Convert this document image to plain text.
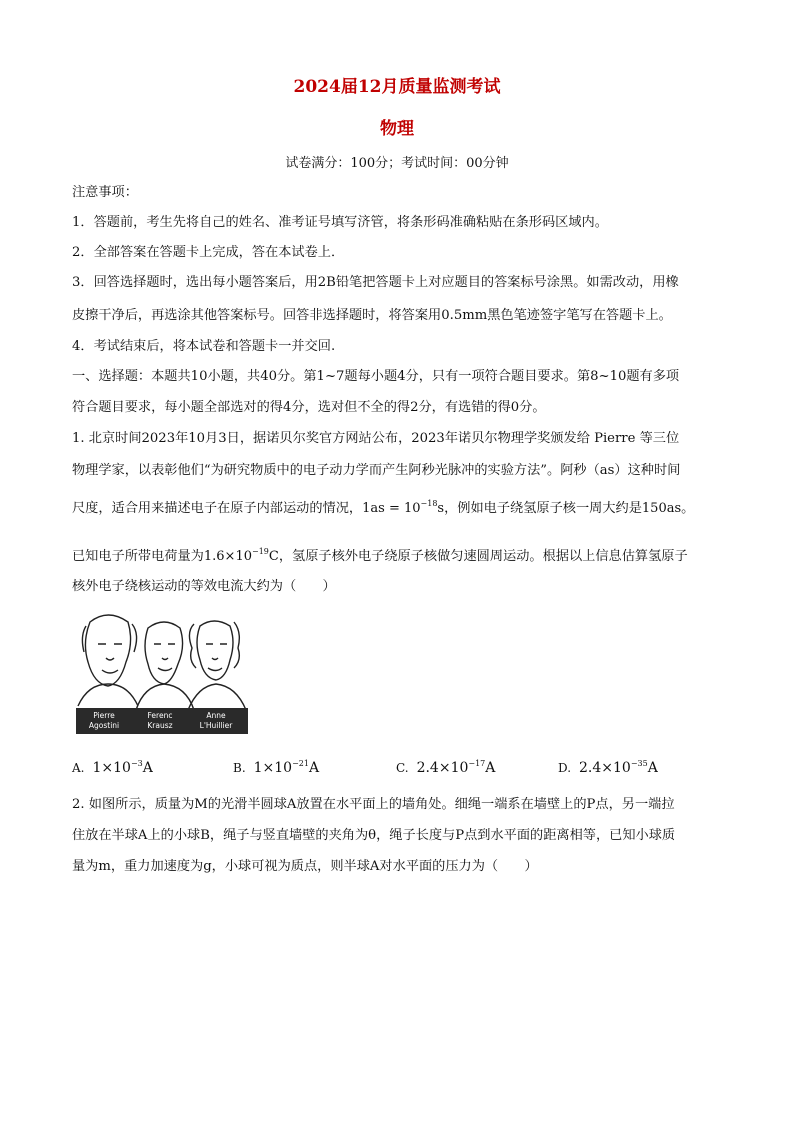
2024届12月质量监测考试
物理
试卷满分：100分；考试时间：00分钟
注意事项：
1．答题前，考生先将自己的姓名、准考证号填写济管，将条形码准确粘贴在条形码区域内。
2．全部答案在答题卡上完成，答在本试卷上．
3．回答选择题时，选出每小题答案后，用2B铅笔把答题卡上对应题目的答案标号涂黑。如需改动，用橡
皮擦干净后，再选涂其他答案标号。回答非选择题时，将答案用0.5mm黑色笔迹签字笔写在答题卡上。
4．考试结束后，将本试卷和答题卡一并交回.
一、选择题：本题共10小题，共40分。第1~7题每小题4分，只有一项符合题目要求。第8~10题有多项
符合题目要求，每小题全部选对的得4分，选对但不全的得2分，有选错的得0分。
1. 北京时间2023年10月3日，据诺贝尔奖官方网站公布，2023年诺贝尔物理学奖颁发给 Pierre 等三位
物理学家，以表彰他们“为研究物质中的电子动力学而产生阿秒光脉冲的实验方法”。阿秒（as）这种时间
尺度，适合用来描述电子在原子内部运动的情况，$1as = 10^{-18}s$，例如电子绕氢原子核一周大约是150as。
已知电子所带电荷量为$1.6\times 10^{-19}C$，氢原子核外电子绕原子核做匀速圆周运动。根据以上信息估算氢原子
核外电子绕核运动的等效电流大约为（　　）
Pierre
Agostini
Ferenc
Krausz
Anne
L'Huillier
A. $1\times 10^{-3}A$	B. $1\times 10^{-21}A$	C. $2.4\times 10^{-17}A$	D. $2.4\times 10^{-35}A$
2. 如图所示，质量为M的光滑半圆球A放置在水平面上的墙角处。细绳一端系在墙壁上的P点，另一端拉
住放在半球A上的小球B，绳子与竖直墙壁的夹角为θ，绳子长度与P点到水平面的距离相等，已知小球质
量为m，重力加速度为g，小球可视为质点，则半球A对水平面的压力为（　　）
